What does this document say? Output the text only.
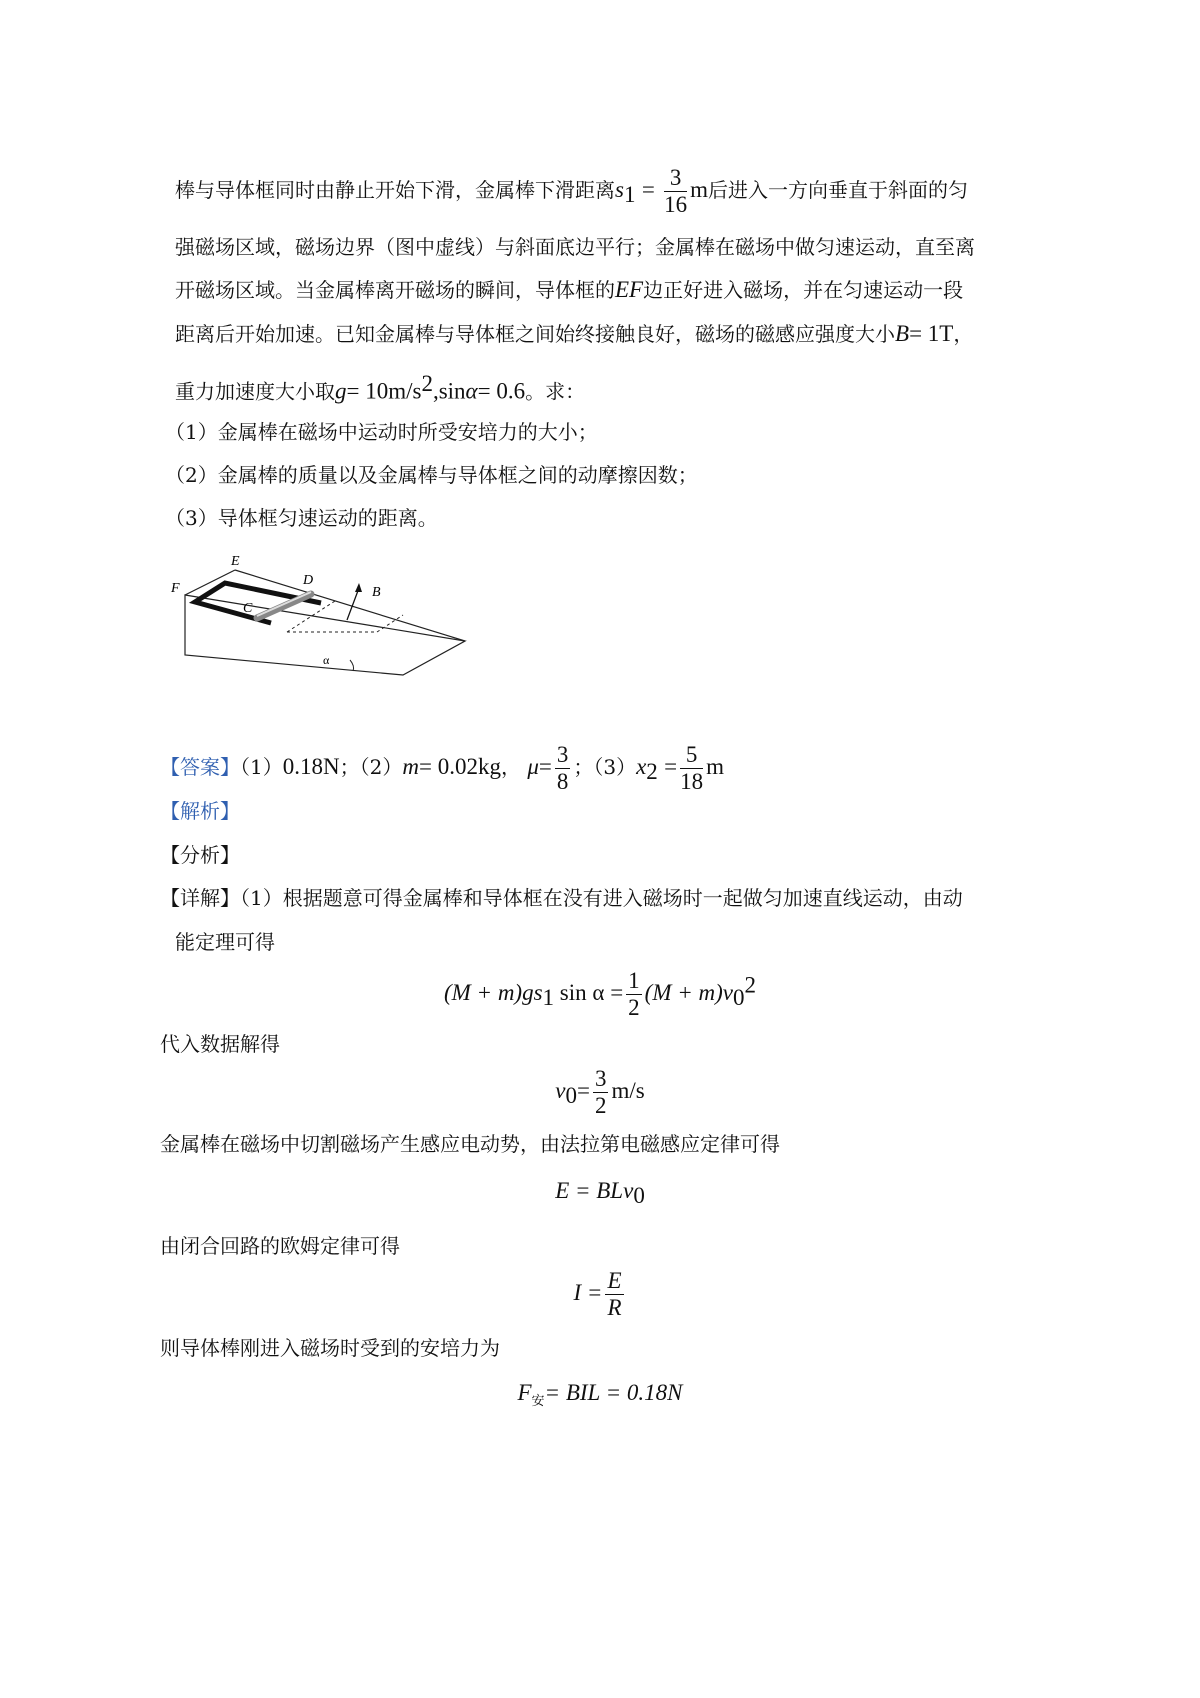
棒与导体框同时由静止开始下滑，金属棒下滑距离$s_1 = \frac{3}{16}$ m后进入一方向垂直于斜面的匀
强磁场区域，磁场边界（图中虚线）与斜面底边平行；金属棒在磁场中做匀速运动，直至离
开磁场区域。当金属棒离开磁场的瞬间，导体框的EF边正好进入磁场，并在匀速运动一段
距离后开始加速。已知金属棒与导体框之间始终接触良好，磁场的磁感应强度大小B= 1T，
重力加速度大小取$g= 10m/s^2,\sin\alpha= 0.6$。求：
（1）金属棒在磁场中运动时所受安培力的大小；
（2）金属棒的质量以及金属棒与导体框之间的动摩擦因数；
（3）导体框匀速运动的距离。
E
D
F
C
B
α
【答案】（1）0.18N；（2）m= 0.02kg， $\mu= \frac{3}{8}$ ；$(3)x_2 = \frac{5}{18}$ m
【解析】
【分析】
【详解】（1）根据题意可得金属棒和导体框在没有进入磁场时一起做匀加速直线运动，由动
能定理可得
$(M + m)gs_1$ $\sin \alpha = \frac{1}{2} (M + m)v_0^2$
代入数据解得
$v_0= \frac{3}{2} m/s$
金属棒在磁场中切割磁场产生感应电动势，由法拉第电磁感应定律可得
E = BLv$_0$
由闭合回路的欧姆定律可得
$I = \frac{E}{R}$
则导体棒刚进入磁场时受到的安培力为
$F_安=$ BIL = 0.18N
